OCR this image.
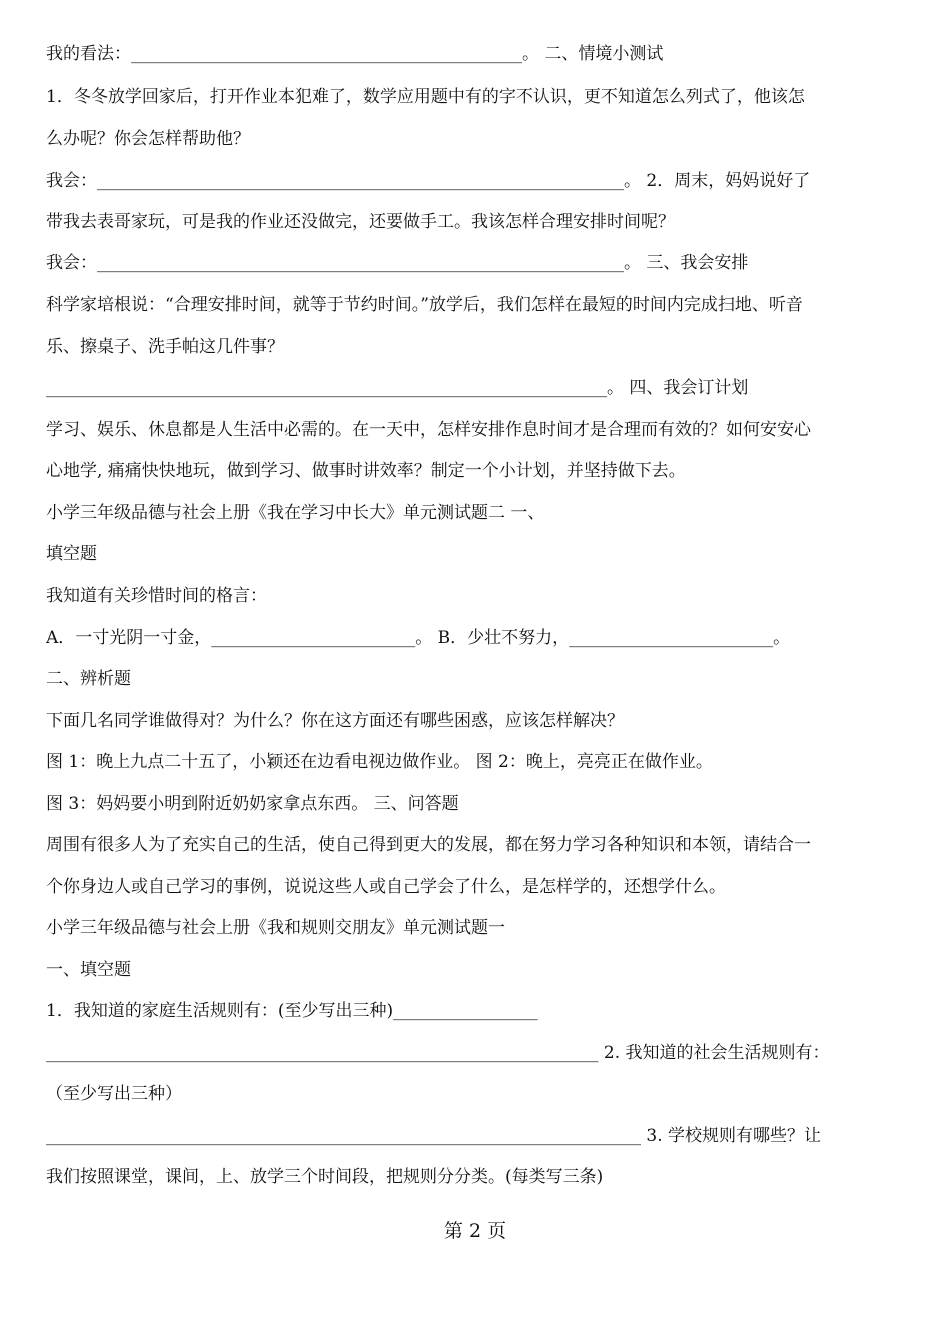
我的看法：______________________________________________。 二、情境小测试
1．冬冬放学回家后，打开作业本犯难了，数学应用题中有的字不认识，更不知道怎么列式了，他该怎
么办呢？你会怎样帮助他？
我会：______________________________________________________________。 2．周末，妈妈说好了
带我去表哥家玩，可是我的作业还没做完，还要做手工。我该怎样合理安排时间呢？
我会：______________________________________________________________。 三、我会安排
科学家培根说：“合理安排时间，就等于节约时间。”放学后，我们怎样在最短的时间内完成扫地、听音
乐、擦桌子、洗手帕这几件事？
__________________________________________________________________。 四、我会订计划
学习、娱乐、休息都是人生活中必需的。在一天中，怎样安排作息时间才是合理而有效的？如何安安心
心地学, 痛痛快快地玩，做到学习、做事时讲效率？制定一个小计划，并坚持做下去。
小学三年级品德与社会上册《我在学习中长大》单元测试题二 一、
填空题
我知道有关珍惜时间的格言：
A．一寸光阴一寸金，________________________。 B．少壮不努力，________________________。
二、辨析题
下面几名同学谁做得对？为什么？你在这方面还有哪些困惑，应该怎样解决？
图 1：晚上九点二十五了，小颖还在边看电视边做作业。 图 2：晚上，亮亮正在做作业。
图 3：妈妈要小明到附近奶奶家拿点东西。 三、问答题
周围有很多人为了充实自己的生活，使自己得到更大的发展，都在努力学习各种知识和本领，请结合一
个你身边人或自己学习的事例，说说这些人或自己学会了什么，是怎样学的，还想学什么。
小学三年级品德与社会上册《我和规则交朋友》单元测试题一
一、填空题
1．我知道的家庭生活规则有：(至少写出三种)_________________
_________________________________________________________________ 2. 我知道的社会生活规则有：
（至少写出三种）
______________________________________________________________________ 3. 学校规则有哪些？让
我们按照课堂，课间，上、放学三个时间段，把规则分分类。(每类写三条)
第 2 页
